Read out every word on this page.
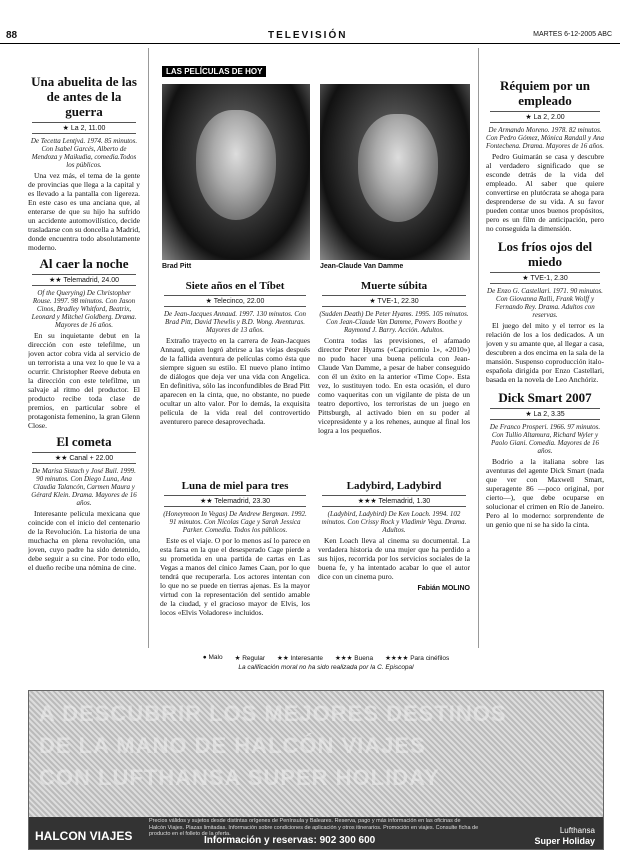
88	TELEVISIÓN	MARTES 6-12-2005 ABC
Una abuelita de las de antes de la guerra
★ La 2, 11.00
De Tecetta Lentjvá. 1974. 85 minutos. Con Isabel Garcés, Alberto de Mendoza y Maikudia, comedia.Todos los públicos.

Una vez más, el tema de la gente de provincias que llega a la capital y es llevado a la pantalla con ligereza. En este caso es una anciana que, al enterarse de que su hijo ha sufrido un accidente automovilístico, decide trasladarse con su doncella a Madrid, donde encuentra todo absolutamente moderno.

Al caer la noche
★★ Telemadrid, 24.00
Of the Querying) De Christopher Rouse. 1997. 98 minutos. Con Jason Cinos, Bradley Whitford, Beatrix, Leonard y Mitchel Goldberg. Drama. Mayores de 16 años.

En su inquietante debut en la dirección con este telefilme, un joven actor cobra vida al servicio de un terrorista a una vez lo que le va a ocurrir. Christopher Reeve debuta en la dirección con este telefilme, un salvaje al ritmo del productor. El producto recibe toda clase de premios, en particular sobre el protagonista femenino, la gran Glenn Close.

El cometa
★★ Canal + 22.00
De Marisa Sistach y José Buil. 1999. 90 minutos. Con Diego Luna, Ana Claudia Talancón, Carmen Maura y Gérard Klein. Drama. Mayores de 16 años.

Interesante película mexicana que coincide con el inicio del centenario de la Revolución. La historia de una muchacha en plena revolución, una joven, cuyo padre ha sido detenido, debe seguir a su cine. Por todo ello, el dueño recibe una nómina de cine.

LAS PELÍCULAS DE HOY
Brad Pitt	Jean-Claude Van Damme
Siete años en el Tíbet
★ Telecinco, 22.00
De Jean-Jacques Annaud. 1997. 130 minutos. Con Brad Pitt, David Thewlis y B.D. Wong. Aventuras. Mayores de 13 años.

Extraño trayecto en la carrera de Jean-Jacques Annaud, quien logró abrirse a las viejas después de la fallida aventura de películas como ésta que siempre siguen su estilo. El nuevo plano íntimo de diálogos que deja ver una vida con Angelica. En definitiva, sólo las inconfundibles de Brad Pitt aparecen en la cinta, que, no obstante, no puede ocultar un alto valor. Por lo demás, la exquisita película de la vida real del controvertido aventurero parece desaprovechada.

Muerte súbita
★ TVE-1, 22.30
(Sudden Death) De Peter Hyams. 1995. 105 minutos. Con Jean-Claude Van Damme, Powers Boothe y Raymond J. Barry. Acción. Adultos.

Contra todas las previsiones, el afamado director Peter Hyams («Capricornio 1», «2010») no pudo hacer una buena película con Jean-Claude Van Damme, a pesar de haber conseguido con él un éxito en la anterior «Time Cop». Esta vez, lo sustituyen todo. En esta ocasión, el duro como vaqueritas con un vigilante de pista de un teatro deportivo, los terroristas de un juego en Pittsburgh, al activado bien en su poder al vicepresidente y a los rehenes, aunque al final los logra a los pequeños.

Luna de miel para tres
★★ Telemadrid, 23.30
(Honeymoon In Vegas) De Andrew Bergman. 1992. 91 minutos. Con Nicolas Cage y Sarah Jessica Parker. Comedia. Todos los públicos.

Este es el viaje. O por lo menos así lo parece en esta farsa en la que el desesperado Cage pierde a su prometida en una partida de cartas en Las Vegas a manos del cínico James Caan, por lo que tendrá que recuperarla. Los actores intentan con lo que no se puede en tierras ajenas. Es la mayor virtud con la representación del sentido amable de la ciudad, y el gracioso mayor de Elvis, los locos «Elvis Voladores» incluidos.

Ladybird, Ladybird
★★★ Telemadrid, 1.30
(Ladybird, Ladybird) De Ken Loach. 1994. 102 minutos. Con Crissy Rock y Vladimir Vega. Drama. Adultos.

Ken Loach lleva al cinema su documental. La verdadera historia de una mujer que ha perdido a sus hijos, recorrida por los servicios sociales de la buena fe, y ha intentado acabar lo que el autor dice con un cinema puro.

Fabián MOLINO
● Malo ★ Regular ★★ Interesante ★★★ Buena ★★★★ Para cinéfilos
La calificación moral no ha sido realizada por la C. Episcopal
Réquiem por un empleado
★ La 2, 2.00
De Armando Moreno. 1978. 82 minutos. Con Pedro Gómez, Mónica Randall y Ana Fontechena. Drama. Mayores de 16 años.

Pedro Guimarán se casa y descubre al verdadero significado que se esconde detrás de la vida del empleado. Al saber que quiere convertirse en plutócrata se ahoga para desprenderse de su vida. A su favor pueden contar unos buenos propósitos, pero es un film de anticipación, pero no conseguida la dimensión.

Los fríos ojos del miedo
★ TVE-1, 2.30
De Enzo G. Castellari. 1971. 90 minutos. Con Giovanna Ralli, Frank Wolff y Fernando Rey. Drama. Adultos con reservas.

El juego del mito y el terror es la relación de los a los dedicados. A un joven y su amante que, al llegar a casa, descubren a dos encima en la sala de la mansión. Suspenso coproducción italo-española dirigida por Enzo Castellari, basada en la novela de Leo Anchóriz.

Dick Smart 2007
★ La 2, 3.35
De Franco Prosperi. 1966. 97 minutos. Con Tullio Altamura, Richard Wyler y Paolo Giani. Comedia. Mayores de 16 años.

Bodrio a la italiana sobre las aventuras del agente Dick Smart (nada que ver con Maxwell Smart, superagente 86 —poco original, por cierto—), que debe ocuparse en solucionar el crimen en Río de Janeiro. Pero al lo moderno: sorprendente de un genio que ni se ha sido la cinta.

A DESCUBRIR LOS MEJORES DESTINOS
DE LA MANO DE HALCÓN VIAJES
CON LUFTHANSA SUPER HOLIDAY
HALCON VIAJES
Precios válidos y sujetos desde distintas orígenes de Península y Baleares. Reserva, pago y más información en las oficinas de Halcón Viajes. Plazas limitadas. Información sobre condiciones de aplicación y otros itinerarios. Promoción en viajes. Consulte ficha de producto en el folleto de la oferta.
Información y reservas: 902 300 600
Lufthansa
Super Holiday
